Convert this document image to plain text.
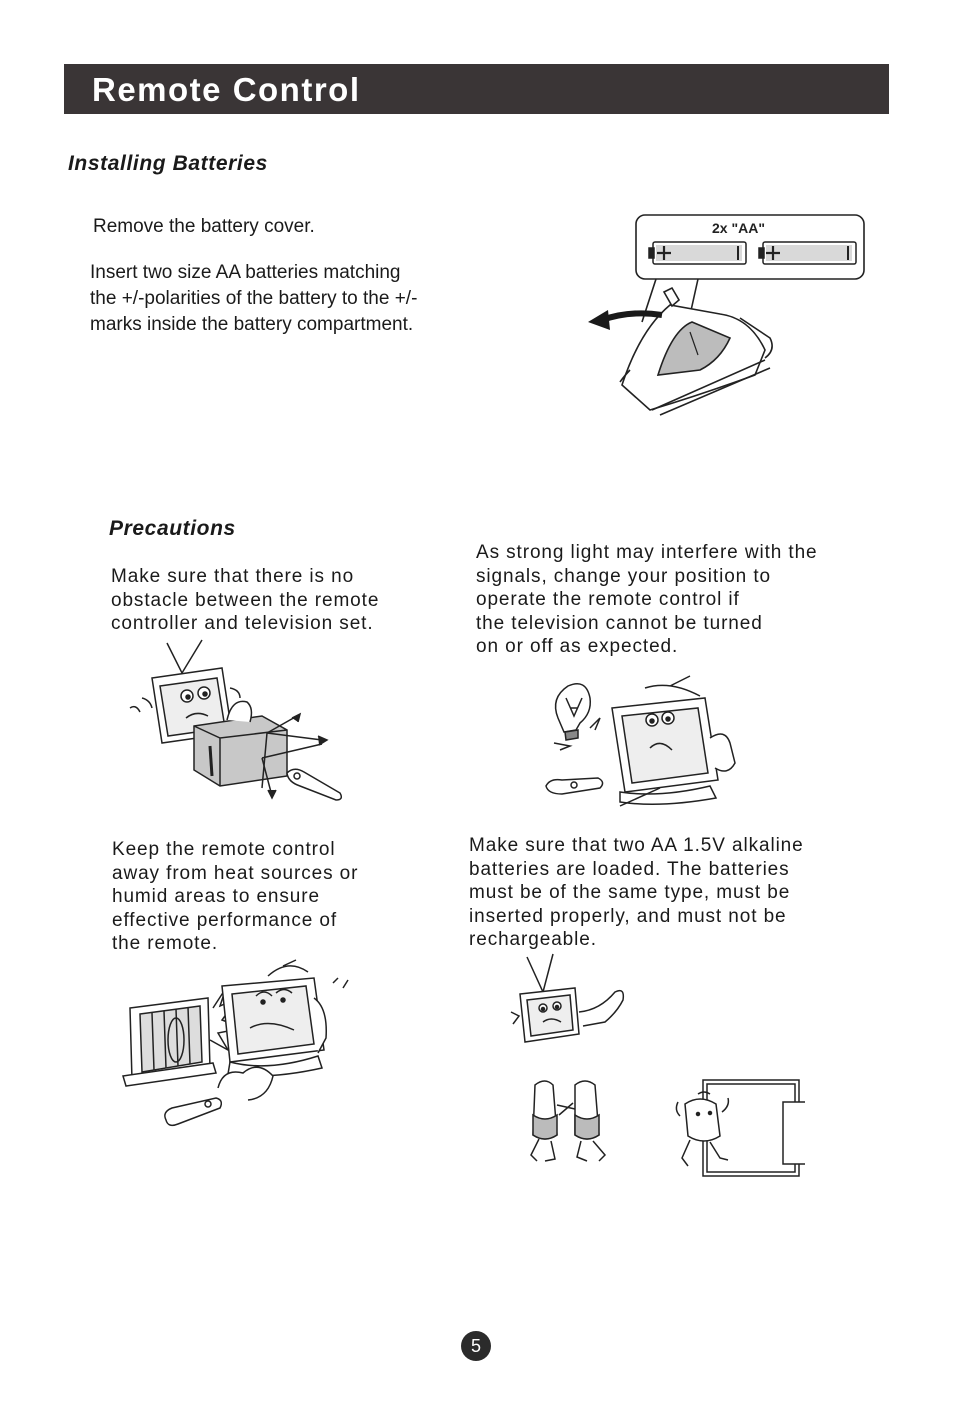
Remote Control
Installing Batteries
Remove the battery cover.
Insert two size AA batteries matching
the +/-polarities of the battery to the +/-
marks inside the battery compartment.
2x "AA"
Precautions
Make sure that there is no
obstacle between the remote
controller and television set.
As strong light may interfere with the
signals, change your position to
operate the remote control if
the television cannot be turned
on or off as expected.
Keep the remote control
away from heat sources or
humid areas to ensure
effective performance of
the remote.
Make sure that two AA 1.5V alkaline
batteries are loaded. The batteries
must be of the same type, must be
inserted properly, and must not be
rechargeable.
5
